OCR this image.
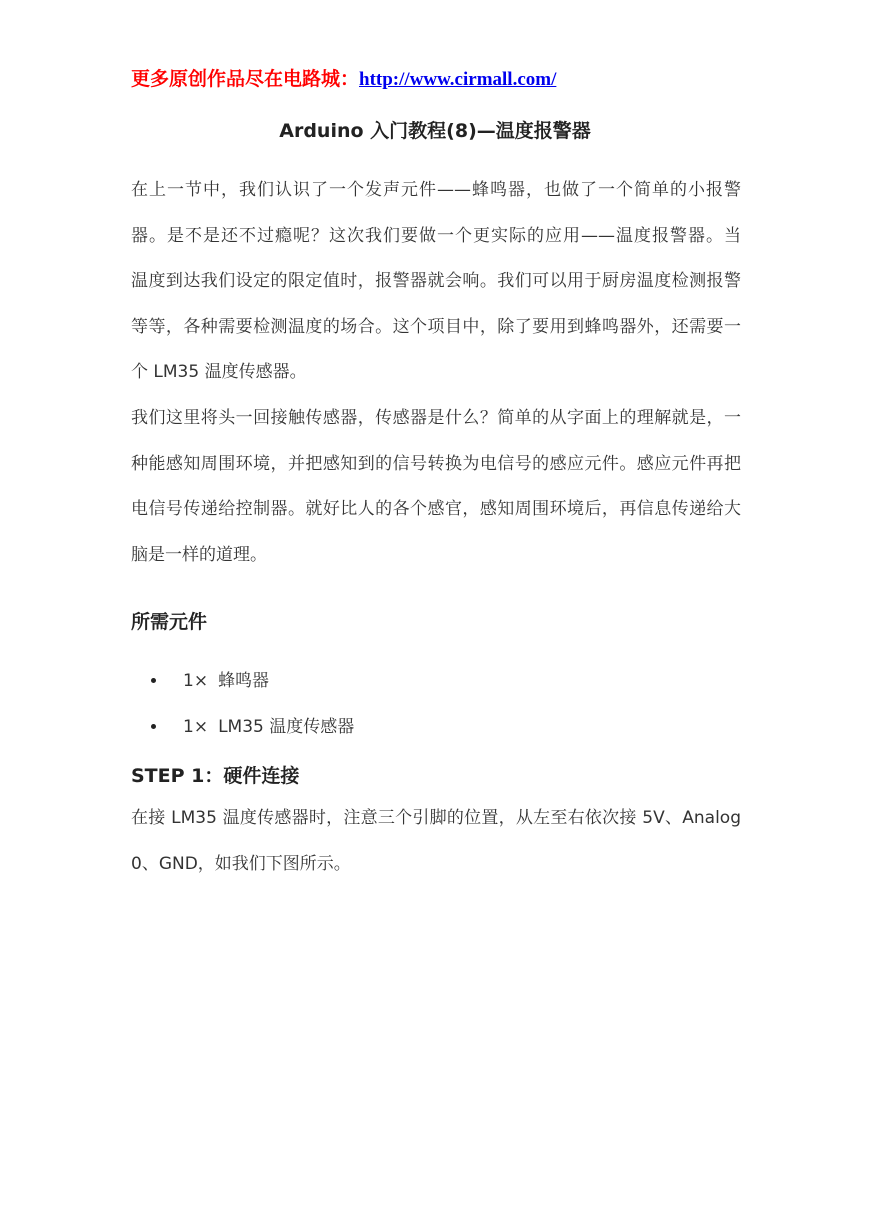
更多原创作品尽在电路城：http://www.cirmall.com/
Arduino 入门教程(8)—温度报警器
在上一节中，我们认识了一个发声元件——蜂鸣器，也做了一个简单的小报警
器。是不是还不过瘾呢？这次我们要做一个更实际的应用——温度报警器。当
温度到达我们设定的限定值时，报警器就会响。我们可以用于厨房温度检测报警
等等，各种需要检测温度的场合。这个项目中，除了要用到蜂鸣器外，还需要一
个 LM35 温度传感器。
我们这里将头一回接触传感器，传感器是什么？简单的从字面上的理解就是，一
种能感知周围环境，并把感知到的信号转换为电信号的感应元件。感应元件再把
电信号传递给控制器。就好比人的各个感官，感知周围环境后，再信息传递给大
脑是一样的道理。
所需元件
1× 蜂鸣器
1× LM35 温度传感器
STEP 1：硬件连接
在接 LM35 温度传感器时，注意三个引脚的位置，从左至右依次接 5V、Analog
0、GND，如我们下图所示。
